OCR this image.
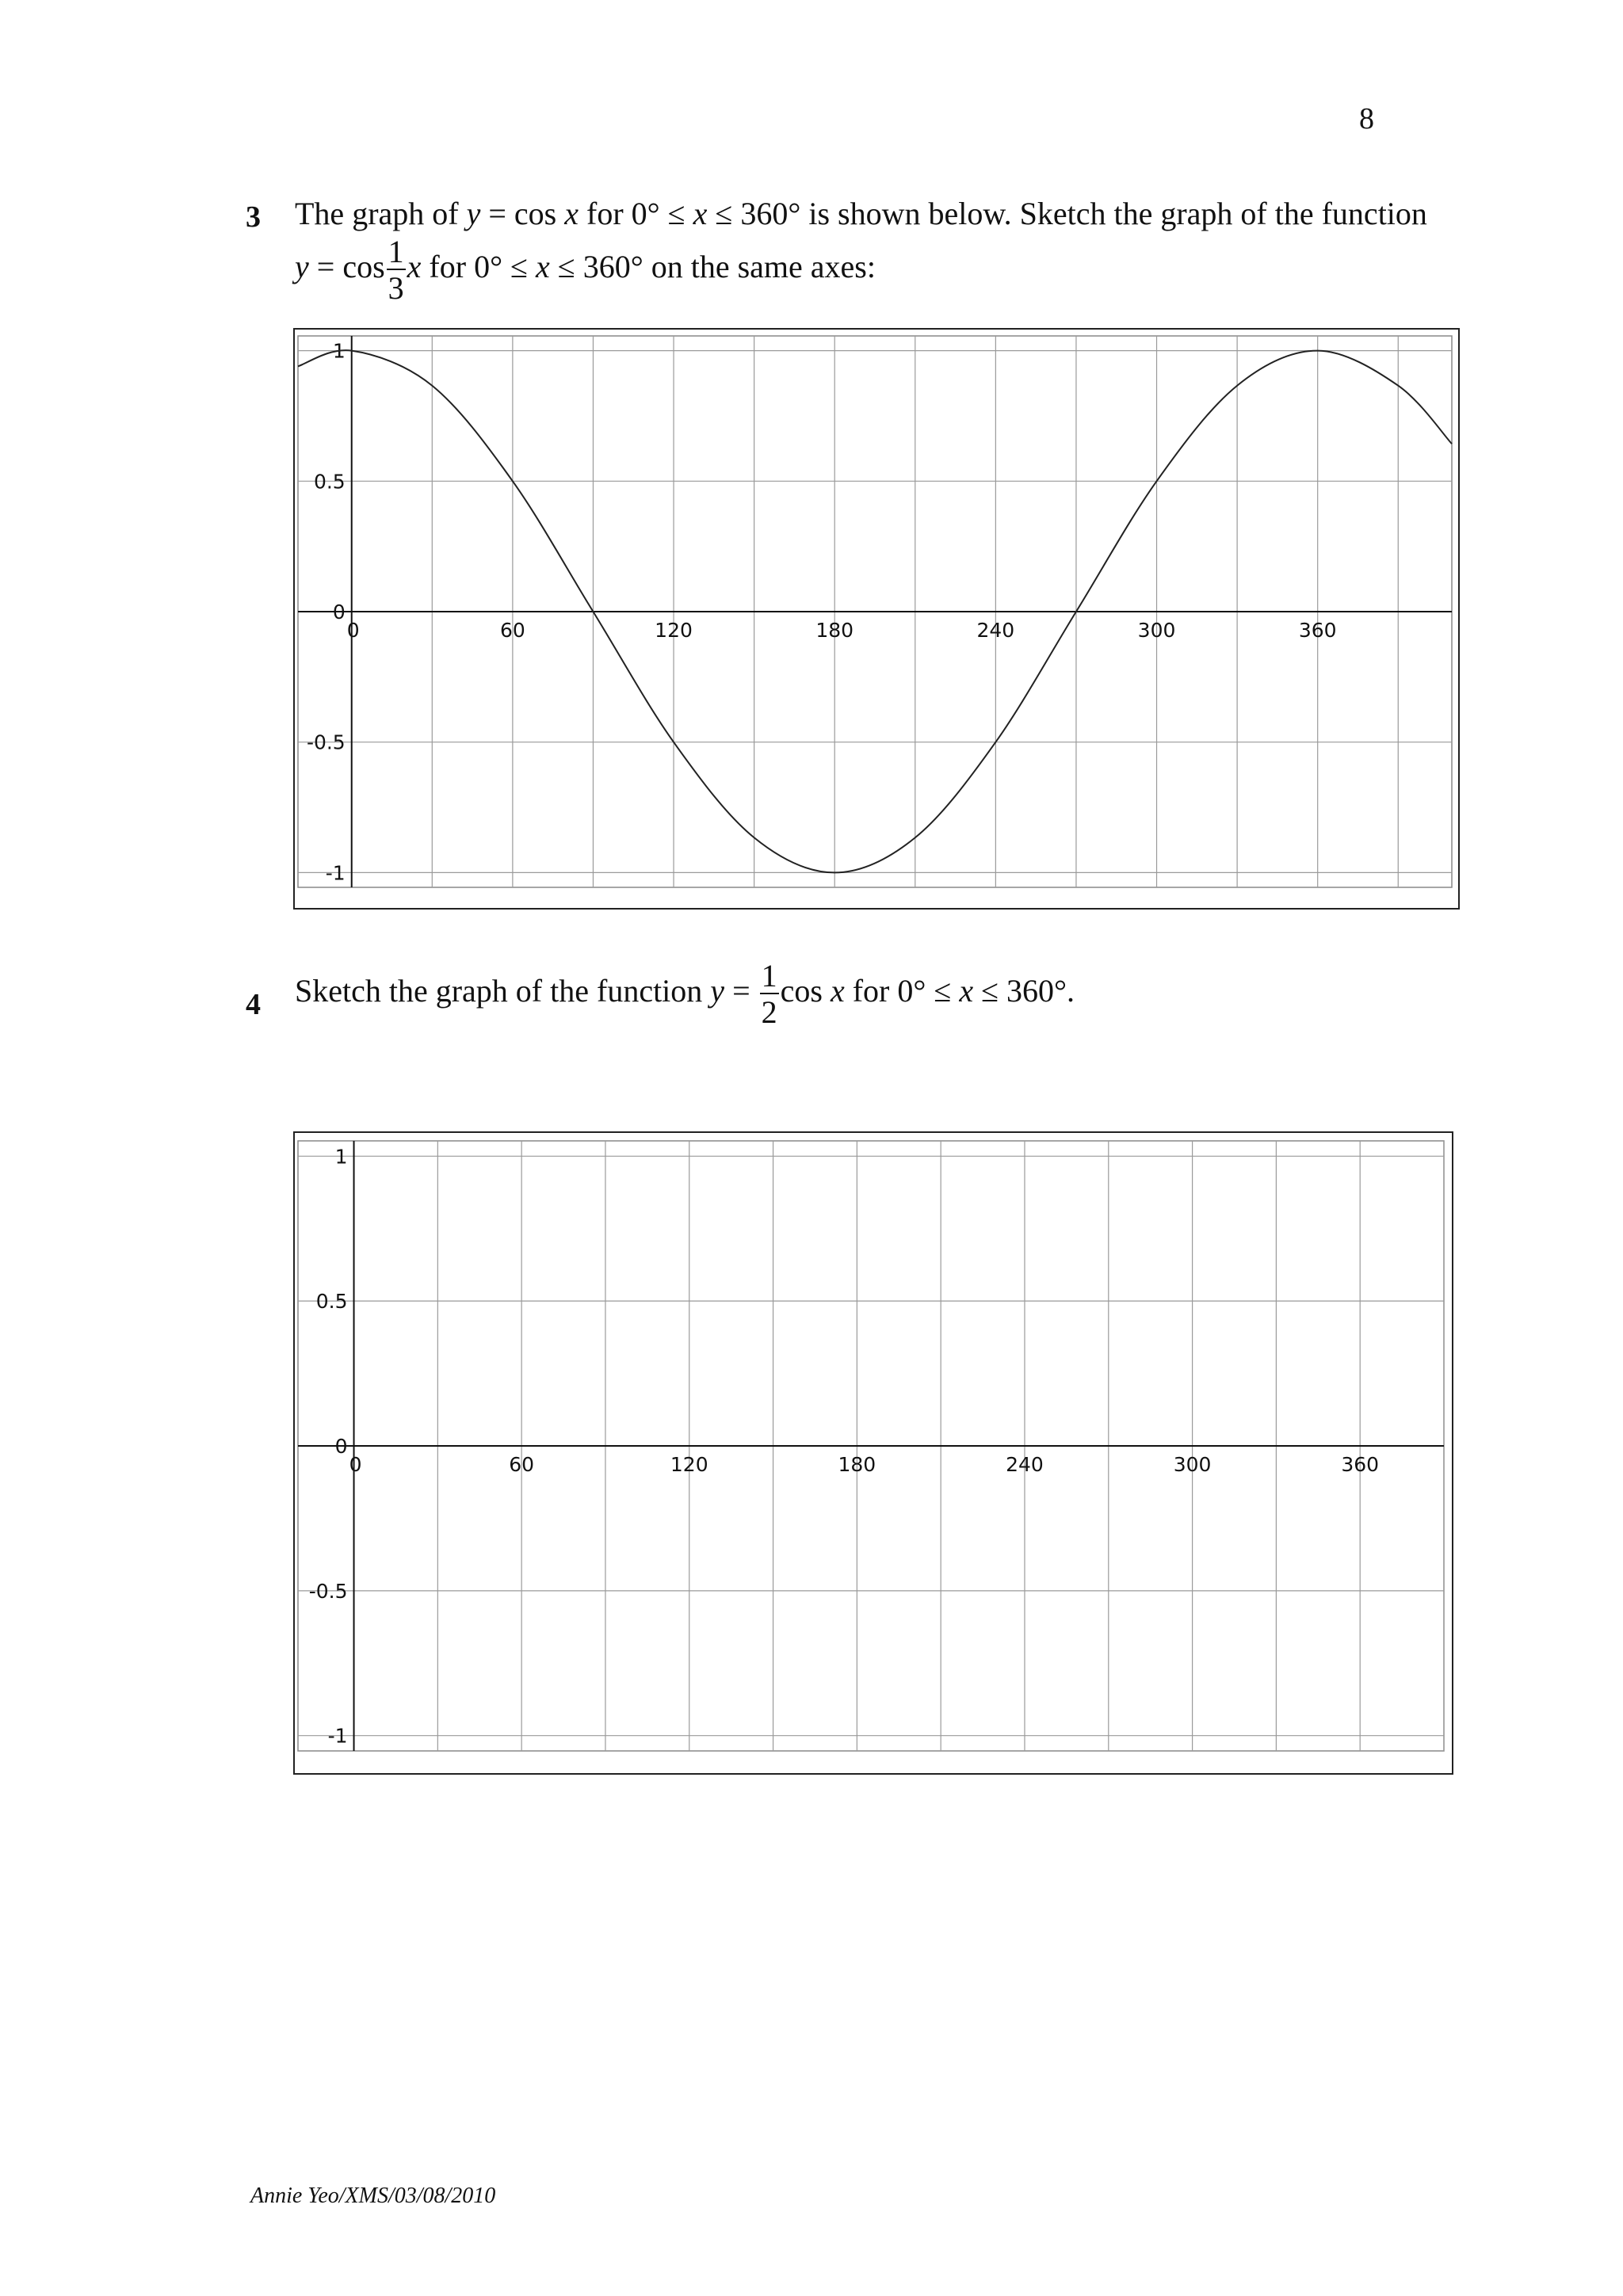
8
3 The graph of y = cos x for 0° ≤ x ≤ 360° is shown below. Sketch the graph of the function
$y = \cos \frac{1}{3}$ x for 0° ≤ x ≤ 360° on the same axes:
0	60	120	180	240	300	360
1
0.5
0
-0.5
-1
4 Sketch the graph of the function $y = \frac{1}{2}$ cos x for 0° ≤ x ≤ 360°.
0	60	120	180	240	300	360
1
0.5
0
-0.5
-1
Annie Yeo/XMS/03/08/2010
